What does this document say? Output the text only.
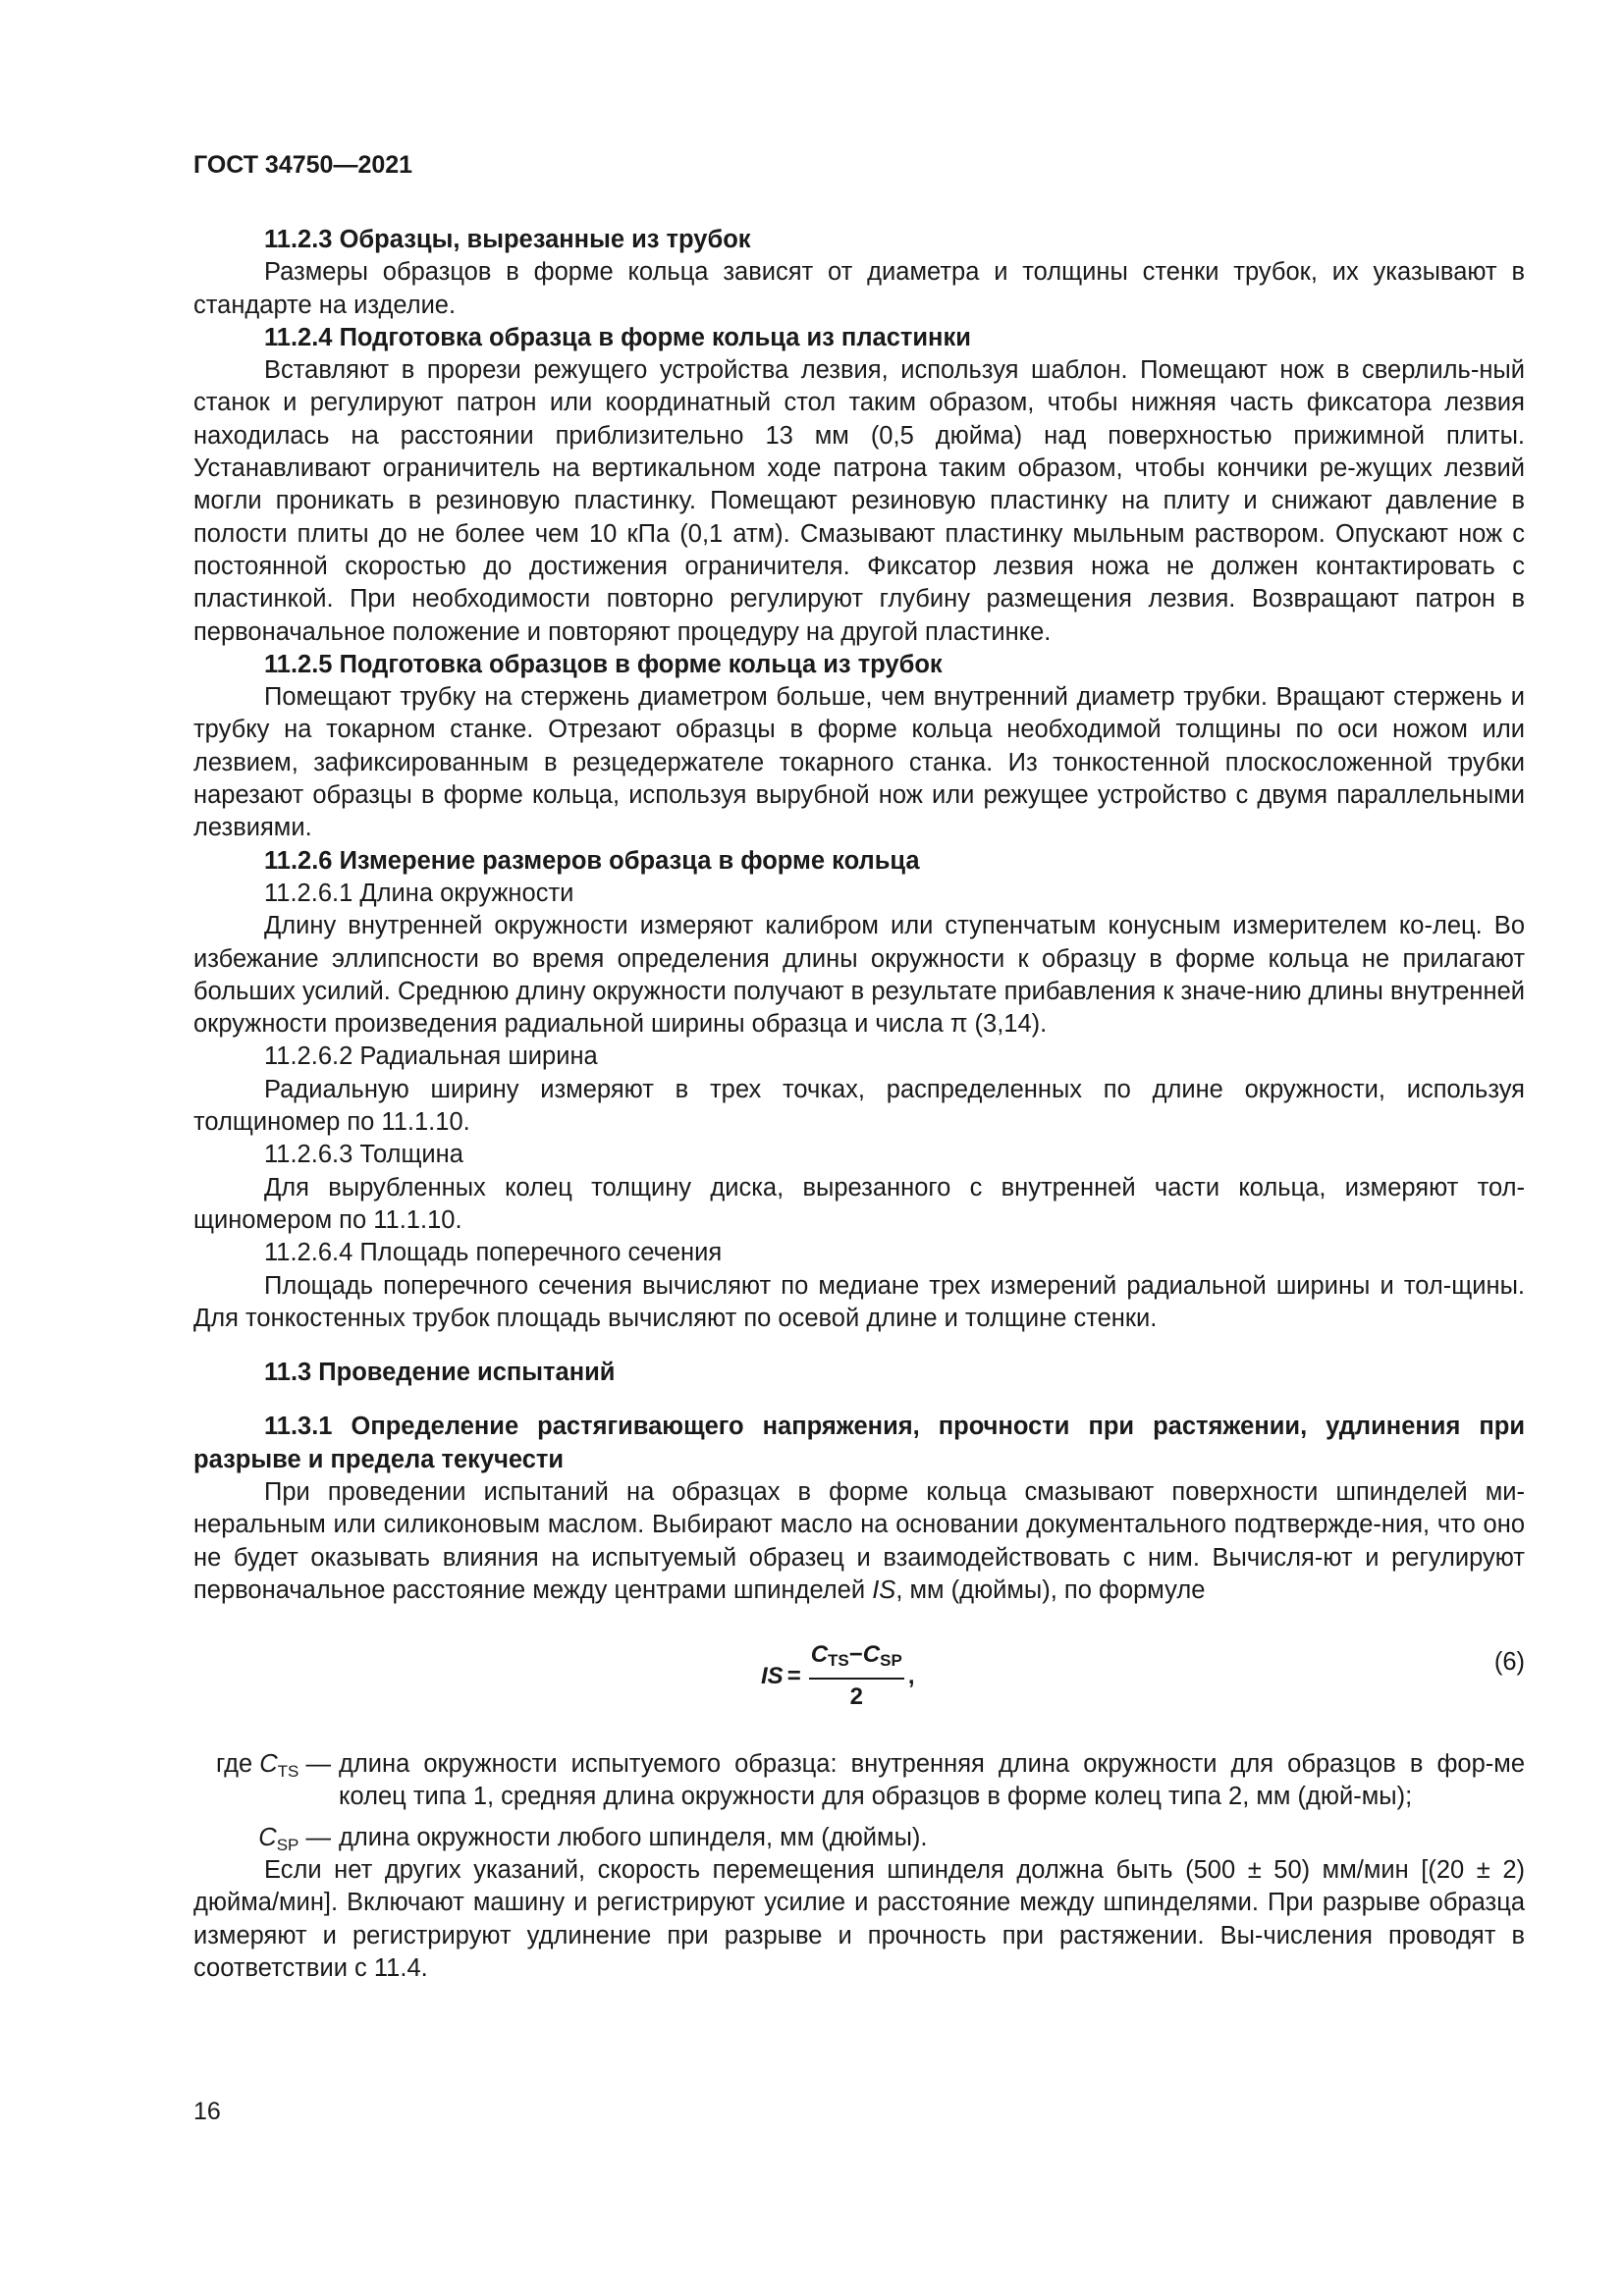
ГОСТ 34750—2021

11.2.3 Образцы, вырезанные из трубок

Размеры образцов в форме кольца зависят от диаметра и толщины стенки трубок, их указывают в стандарте на изделие.

11.2.4 Подготовка образца в форме кольца из пластинки

Вставляют в прорези режущего устройства лезвия, используя шаблон. Помещают нож в сверлиль-ный станок и регулируют патрон или координатный стол таким образом, чтобы нижняя часть фиксатора лезвия находилась на расстоянии приблизительно 13 мм (0,5 дюйма) над поверхностью прижимной плиты. Устанавливают ограничитель на вертикальном ходе патрона таким образом, чтобы кончики ре-жущих лезвий могли проникать в резиновую пластинку. Помещают резиновую пластинку на плиту и снижают давление в полости плиты до не более чем 10 кПа (0,1 атм). Смазывают пластинку мыльным раствором. Опускают нож с постоянной скоростью до достижения ограничителя. Фиксатор лезвия ножа не должен контактировать с пластинкой. При необходимости повторно регулируют глубину размещения лезвия. Возвращают патрон в первоначальное положение и повторяют процедуру на другой пластинке.

11.2.5 Подготовка образцов в форме кольца из трубок

Помещают трубку на стержень диаметром больше, чем внутренний диаметр трубки. Вращают стержень и трубку на токарном станке. Отрезают образцы в форме кольца необходимой толщины по оси ножом или лезвием, зафиксированным в резцедержателе токарного станка. Из тонкостенной плоскосложенной трубки нарезают образцы в форме кольца, используя вырубной нож или режущее устройство с двумя параллельными лезвиями.

11.2.6 Измерение размеров образца в форме кольца

11.2.6.1 Длина окружности

Длину внутренней окружности измеряют калибром или ступенчатым конусным измерителем ко-лец. Во избежание эллипсности во время определения длины окружности к образцу в форме кольца не прилагают больших усилий. Среднюю длину окружности получают в результате прибавления к значе-нию длины внутренней окружности произведения радиальной ширины образца и числа π (3,14).

11.2.6.2 Радиальная ширина

Радиальную ширину измеряют в трех точках, распределенных по длине окружности, используя толщиномер по 11.1.10.

11.2.6.3 Толщина

Для вырубленных колец толщину диска, вырезанного с внутренней части кольца, измеряют тол-щиномером по 11.1.10.

11.2.6.4 Площадь поперечного сечения

Площадь поперечного сечения вычисляют по медиане трех измерений радиальной ширины и тол-щины. Для тонкостенных трубок площадь вычисляют по осевой длине и толщине стенки.

11.3 Проведение испытаний

11.3.1 Определение растягивающего напряжения, прочности при растяжении, удлинения при разрыве и предела текучести

При проведении испытаний на образцах в форме кольца смазывают поверхности шпинделей ми-неральным или силиконовым маслом. Выбирают масло на основании документального подтвержде-ния, что оно не будет оказывать влияния на испытуемый образец и взаимодействовать с ним. Вычисля-ют и регулируют первоначальное расстояние между центрами шпинделей IS, мм (дюймы), по формуле

IS = $\frac{C_{TS}-C_{SP}}{2}$ ,
(6)
где $C_{TS}$ — длина окружности испытуемого образца: внутренняя длина окружности для образцов в фор-ме колец типа 1, средняя длина окружности для образцов в форме колец типа 2, мм (дюй-мы);
$C_{SP}$ — длина окружности любого шпинделя, мм (дюймы).

Если нет других указаний, скорость перемещения шпинделя должна быть (500 ± 50) мм/мин [(20 ± 2) дюйма/мин]. Включают машину и регистрируют усилие и расстояние между шпинделями. При разрыве образца измеряют и регистрируют удлинение при разрыве и прочность при растяжении. Вы-числения проводят в соответствии с 11.4.

16
